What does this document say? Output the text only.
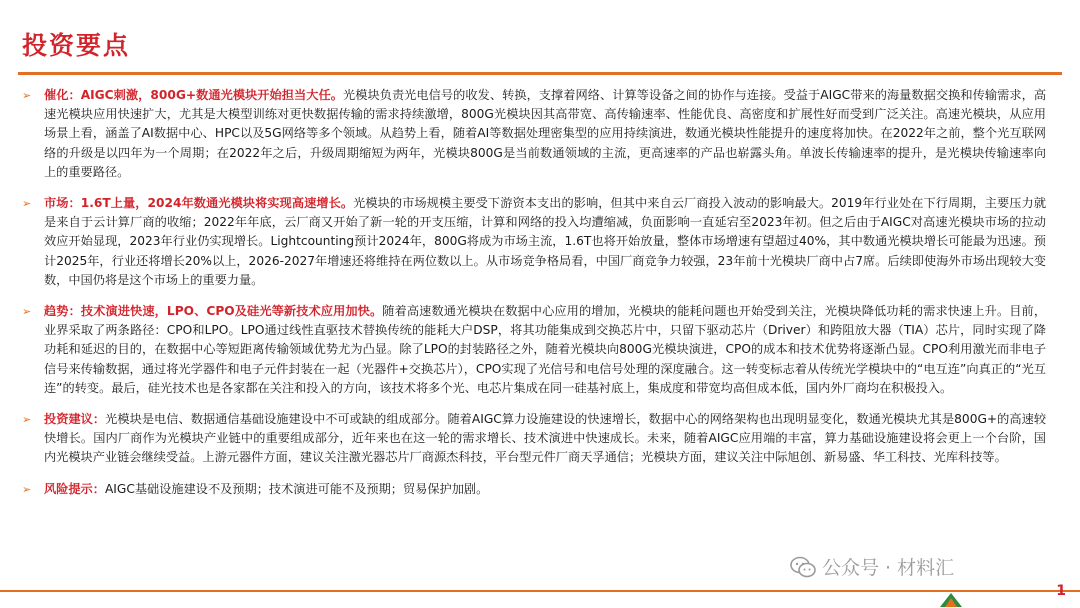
投资要点
➢ 催化：AIGC刺激，800G+数通光模块开始担当大任。光模块负责光电信号的收发、转换，支撑着网络、计算等设备之间的协作与连接。受益于AIGC带来的海量数据交换和传输需求，高速光模块应用快速扩大，尤其是大模型训练对更快数据传输的需求持续激增，800G光模块因其高带宽、高传输速率、性能优良、高密度和扩展性好而受到广泛关注。高速光模块，从应用场景上看，涵盖了AI数据中心、HPC以及5G网络等多个领域。从趋势上看，随着AI等数据处理密集型的应用持续演进，数通光模块性能提升的速度将加快。在2022年之前，整个光互联网络的升级是以四年为一个周期；在2022年之后，升级周期缩短为两年，光模块800G是当前数通领域的主流，更高速率的产品也崭露头角。单波长传输速率的提升，是光模块传输速率向上的重要路径。
➢ 市场：1.6T上量，2024年数通光模块将实现高速增长。光模块的市场规模主要受下游资本支出的影响，但其中来自云厂商投入波动的影响最大。2019年行业处在下行周期，主要压力就是来自于云计算厂商的收缩；2022年年底，云厂商又开始了新一轮的开支压缩，计算和网络的投入均遭缩减，负面影响一直延宕至2023年初。但之后由于AIGC对高速光模块市场的拉动效应开始显现，2023年行业仍实现增长。Lightcounting预计2024年，800G将成为市场主流，1.6T也将开始放量，整体市场增速有望超过40%，其中数通光模块增长可能最为迅速。预计2025年，行业还将增长20%以上，2026-2027年增速还将维持在两位数以上。从市场竞争格局看，中国厂商竞争力较强，23年前十光模块厂商中占7席。后续即使海外市场出现较大变数，中国仍将是这个市场上的重要力量。
➢ 趋势：技术演进快速，LPO、CPO及硅光等新技术应用加快。随着高速数通光模块在数据中心应用的增加，光模块的能耗问题也开始受到关注，光模块降低功耗的需求快速上升。目前，业界采取了两条路径：CPO和LPO。LPO通过线性直驱技术替换传统的能耗大户DSP，将其功能集成到交换芯片中，只留下驱动芯片（Driver）和跨阻放大器（TIA）芯片，同时实现了降功耗和延迟的目的，在数据中心等短距离传输领域优势尤为凸显。除了LPO的封装路径之外，随着光模块向800G光模块演进，CPO的成本和技术优势将逐渐凸显。CPO利用激光而非电子信号来传输数据，通过将光学器件和电子元件封装在一起（光器件+交换芯片），CPO实现了光信号和电信号处理的深度融合。这一转变标志着从传统光学模块中的“电互连”向真正的“光互连”的转变。最后，硅光技术也是各家都在关注和投入的方向，该技术将多个光、电芯片集成在同一硅基衬底上，集成度和带宽均高但成本低，国内外厂商均在积极投入。
➢ 投资建议：光模块是电信、数据通信基础设施建设中不可或缺的组成部分。随着AIGC算力设施建设的快速增长，数据中心的网络架构也出现明显变化，数通光模块尤其是800G+的高速较快增长。国内厂商作为光模块产业链中的重要组成部分，近年来也在这一轮的需求增长、技术演进中快速成长。未来，随着AIGC应用端的丰富，算力基础设施建设将会更上一个台阶，国内光模块产业链会继续受益。上游元器件方面，建议关注激光器芯片厂商源杰科技，平台型元件厂商天孚通信；光模块方面，建议关注中际旭创、新易盛、华工科技、光库科技等。
➢ 风险提示：AIGC基础设施建设不及预期；技术演进可能不及预期；贸易保护加剧。
公众号 · 材料汇
1
